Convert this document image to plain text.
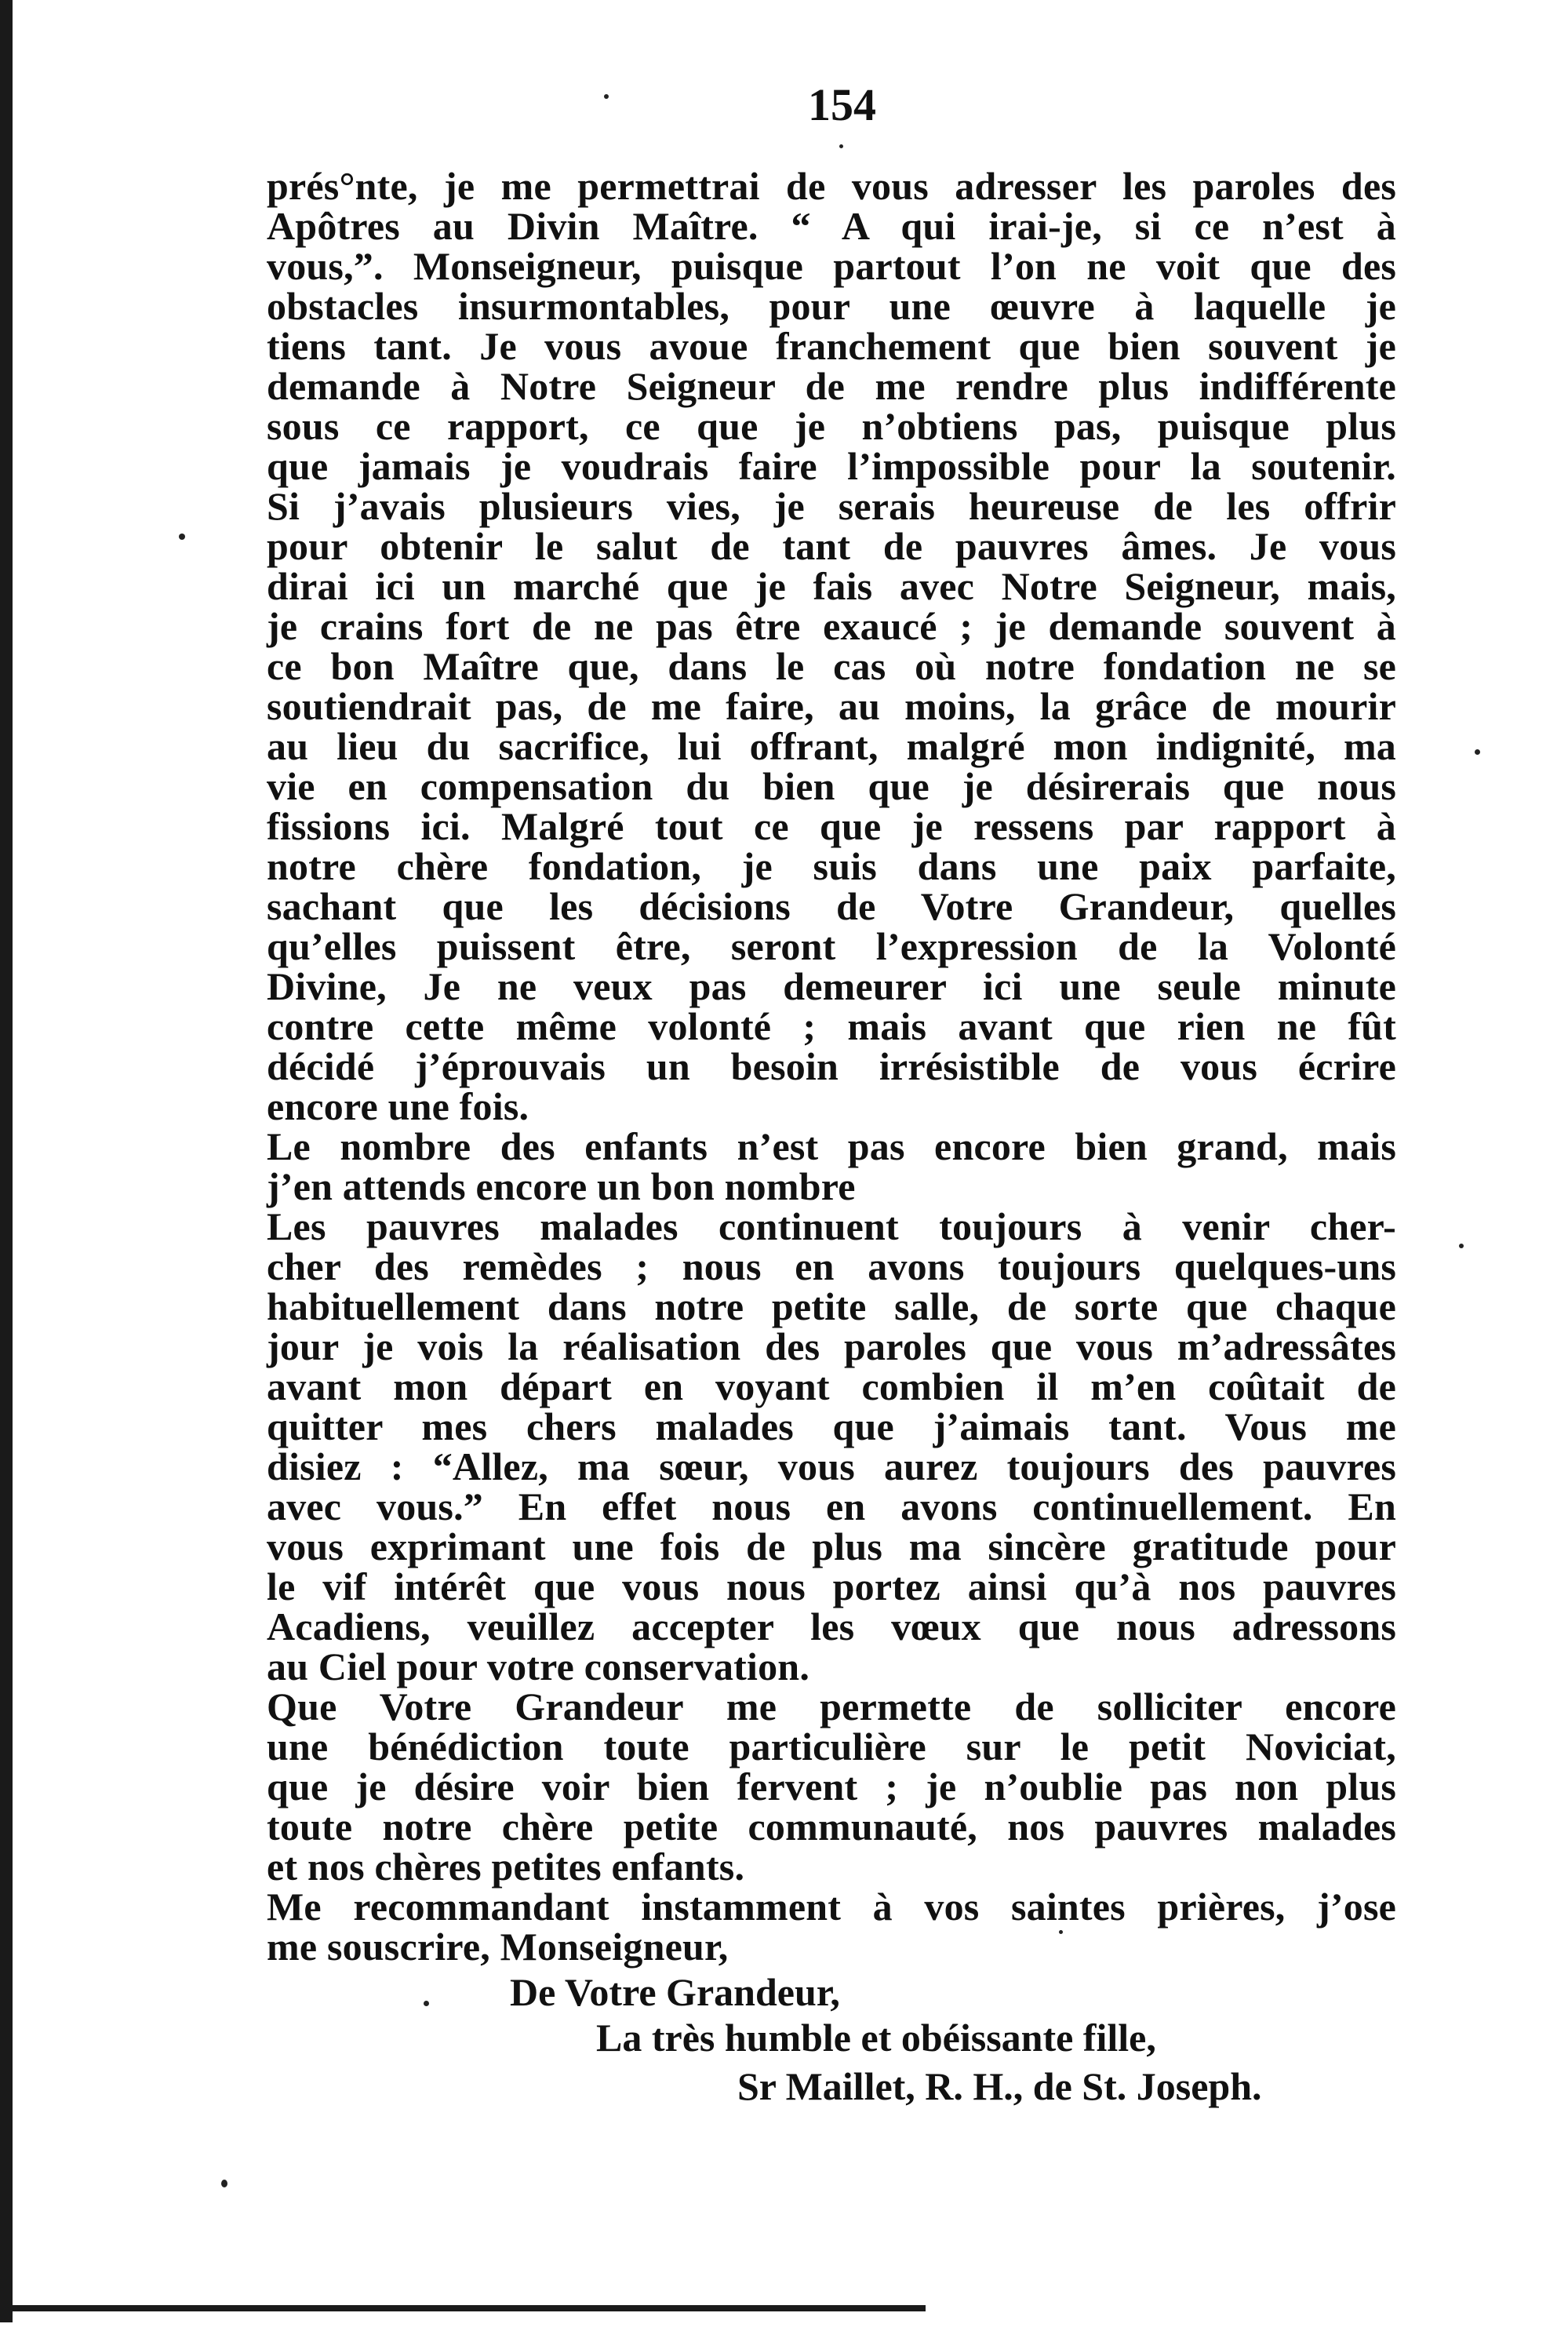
154
prés°nte, je me permettrai de vous adresser les paroles des
Apôtres au Divin Maître. “ A qui irai-je, si ce n’est à
vous,”. Monseigneur, puisque partout l’on ne voit que des
obstacles insurmontables, pour une œuvre à laquelle je
tiens tant. Je vous avoue franchement que bien souvent je
demande à Notre Seigneur de me rendre plus indifférente
sous ce rapport, ce que je n’obtiens pas, puisque plus
que jamais je voudrais faire l’impossible pour la soutenir.
Si j’avais plusieurs vies, je serais heureuse de les offrir
pour obtenir le salut de tant de pauvres âmes. Je vous
dirai ici un marché que je fais avec Notre Seigneur, mais,
je crains fort de ne pas être exaucé ; je demande souvent à
ce bon Maître que, dans le cas où notre fondation ne se
soutiendrait pas, de me faire, au moins, la grâce de mourir
au lieu du sacrifice, lui offrant, malgré mon indignité, ma
vie en compensation du bien que je désirerais que nous
fissions ici. Malgré tout ce que je ressens par rapport à
notre chère fondation, je suis dans une paix parfaite,
sachant que les décisions de Votre Grandeur, quelles
qu’elles puissent être, seront l’expression de la Volonté
Divine, Je ne veux pas demeurer ici une seule minute
contre cette même volonté ; mais avant que rien ne fût
décidé j’éprouvais un besoin irrésistible de vous écrire
encore une fois.
Le nombre des enfants n’est pas encore bien grand, mais
j’en attends encore un bon nombre
Les pauvres malades continuent toujours à venir cher-
cher des remèdes ; nous en avons toujours quelques-uns
habituellement dans notre petite salle, de sorte que chaque
jour je vois la réalisation des paroles que vous m’adressâtes
avant mon départ en voyant combien il m’en coûtait de
quitter mes chers malades que j’aimais tant. Vous me
disiez : “Allez, ma sœur, vous aurez toujours des pauvres
avec vous.” En effet nous en avons continuellement. En
vous exprimant une fois de plus ma sincère gratitude pour
le vif intérêt que vous nous portez ainsi qu’à nos pauvres
Acadiens, veuillez accepter les vœux que nous adressons
au Ciel pour votre conservation.
Que Votre Grandeur me permette de solliciter encore
une bénédiction toute particulière sur le petit Noviciat,
que je désire voir bien fervent ; je n’oublie pas non plus
toute notre chère petite communauté, nos pauvres malades
et nos chères petites enfants.
Me recommandant instamment à vos saintes prières, j’ose
me souscrire, Monseigneur,
De Votre Grandeur,
La très humble et obéissante fille,
Sr Maillet, R. H., de St. Joseph.
